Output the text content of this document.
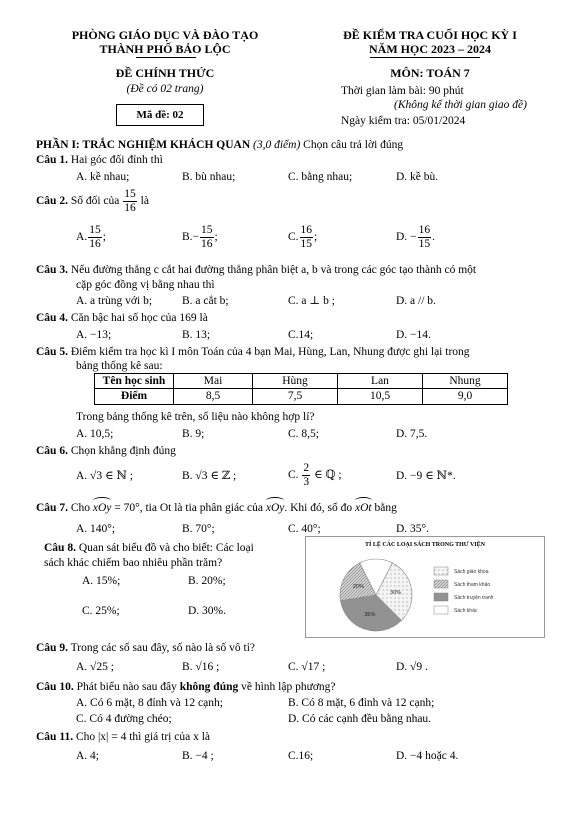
PHÒNG GIÁO DỤC VÀ ĐÀO TẠO
THÀNH PHỐ BẢO LỘC
ĐỀ CHÍNH THỨC
(Đề có 02 trang)
Mã đề: 02
ĐỀ KIỂM TRA CUỐI HỌC KỲ I
NĂM HỌC 2023 – 2024
MÔN: TOÁN 7
Thời gian làm bài: 90 phút
(Không kể thời gian giao đề)
Ngày kiểm tra: 05/01/2024
PHẦN I: TRẮC NGHIỆM KHÁCH QUAN (3,0 điểm) Chọn câu trả lời đúng
Câu 1. Hai góc đối đỉnh thì
A. kề nhau;	B. bù nhau;	C. bằng nhau;	D. kề bù.
Câu 2. Số đối của $\frac{15}{16}$ là
A. $\frac{15}{16}$ ;	$B.- \frac{15}{16}$ ;	C. $\frac{16}{15}$ ;	D. − $\frac{16}{15}$ .
Câu 3. Nếu đường thẳng c cắt hai đường thẳng phân biệt a, b và trong các góc tạo thành có một
cặp góc đồng vị bằng nhau thì
A. a trùng với b;	B. a cắt b;	C. a ⊥ b ;	D. a // b.
Câu 4. Căn bậc hai số học của 169 là
A. −13;	B. 13;	C.14;	D. −14.
Câu 5. Điểm kiểm tra học kì I môn Toán của 4 bạn Mai, Hùng, Lan, Nhung được ghi lại trong
bảng thống kê sau:
Tên học sinh	Mai	Hùng	Lan	Nhung
Điểm	8,5	7,5	10,5	9,0
Trong bảng thống kê trên, số liệu nào không hợp lí?
A. 10,5;	B. 9;	C. 8,5;	D. 7,5.
Câu 6. Chọn khẳng định đúng
A. √3 ∈ ℕ ;	B. √3 ∈ ℤ ;	C. $\frac{2}{3}$ ∈ ℚ ;	D. −9 ∈ ℕ*.
Câu 7. Cho xOy = 70°, tia Ot là tia phân giác của xOy. Khi đó, số đo xOt bằng
A. 140°;	B. 70°;	C. 40°;	D. 35°.
Câu 8. Quan sát biểu đồ và cho biết: Các loại
sách khác chiếm bao nhiêu phần trăm?
A. 15%;	B. 20%;
C. 25%;	D. 30%.
TỈ LỆ CÁC LOẠI SÁCH TRONG THƯ VIỆN
30%
35%
20%
Sách giáo khoa
Sách tham khảo
Sách truyện tranh
Sách khác
Câu 9. Trong các số sau đây, số nào là số vô tỉ?
A. √25 ;	B. √16 ;	C. √17 ;	D. √9 .
Câu 10. Phát biểu nào sau đây không đúng về hình lập phương?
A. Có 6 mặt, 8 đỉnh và 12 cạnh;	B. Có 8 mặt, 6 đỉnh và 12 cạnh;
C. Có 4 đường chéo;	D. Có các cạnh đều bằng nhau.
Câu 11. Cho |x| = 4 thì giá trị của x là
A. 4;	B. −4 ;	C.16;	D. −4 hoặc 4.
